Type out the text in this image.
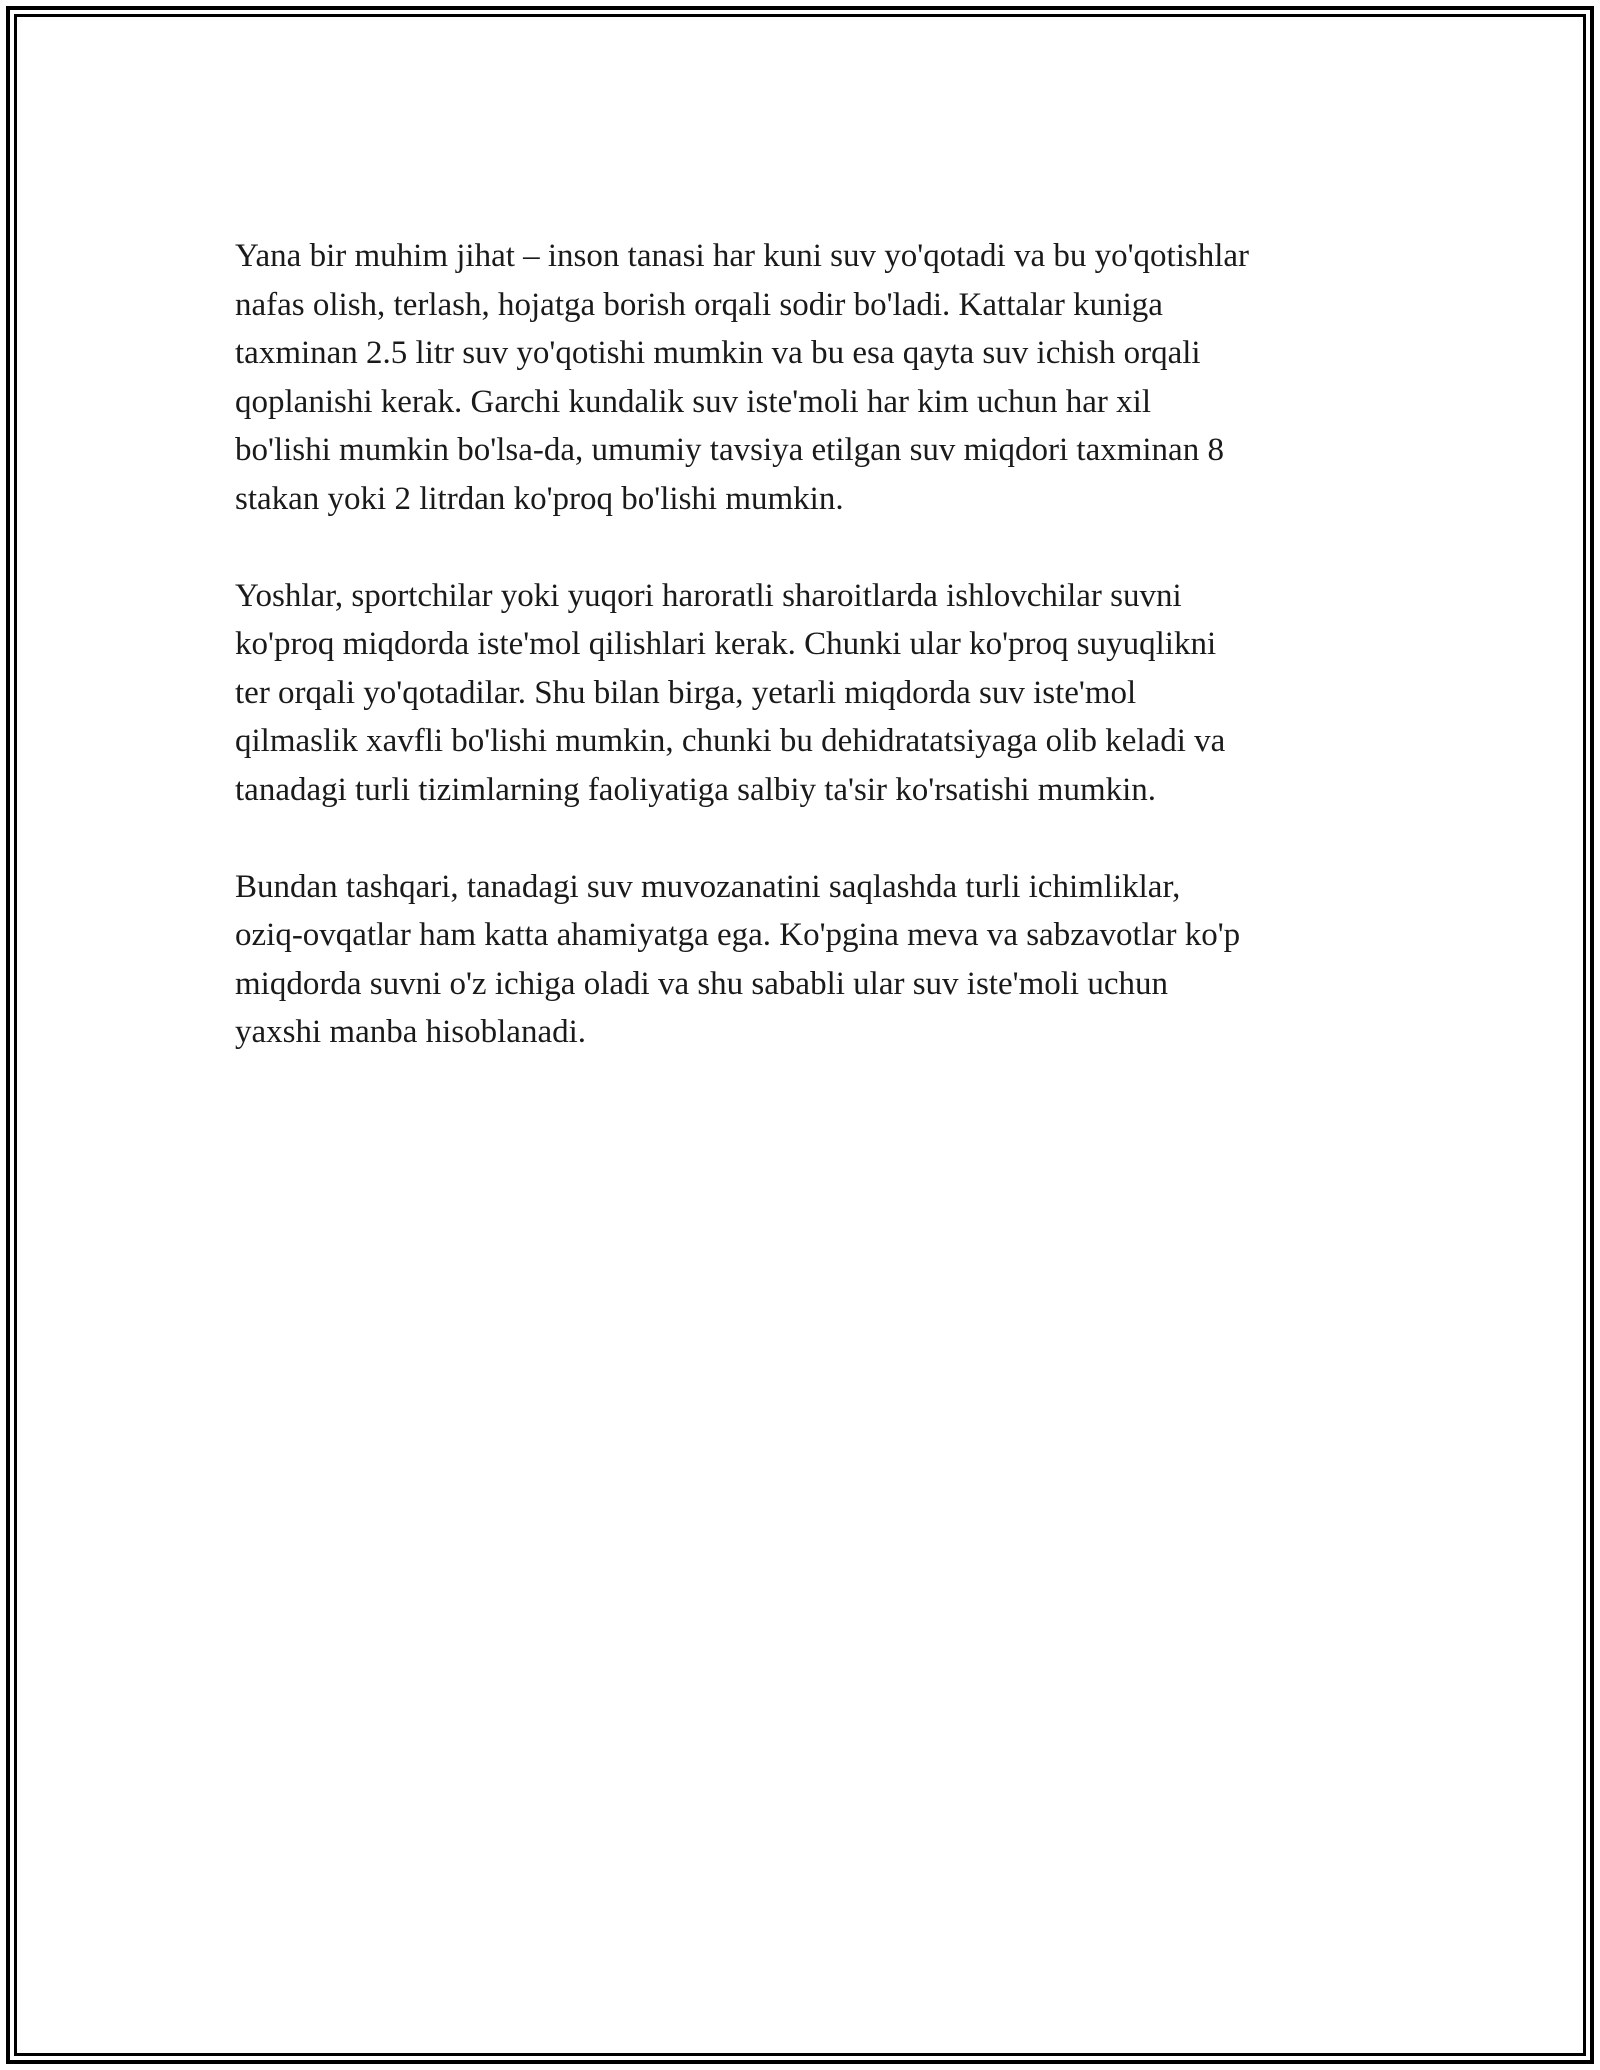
Yana bir muhim jihat – inson tanasi har kuni suv yo'qotadi va bu yo'qotishlar
nafas olish, terlash, hojatga borish orqali sodir bo'ladi. Kattalar kuniga
taxminan 2.5 litr suv yo'qotishi mumkin va bu esa qayta suv ichish orqali
qoplanishi kerak. Garchi kundalik suv iste'moli har kim uchun har xil
bo'lishi mumkin bo'lsa-da, umumiy tavsiya etilgan suv miqdori taxminan 8
stakan yoki 2 litrdan ko'proq bo'lishi mumkin.

Yoshlar, sportchilar yoki yuqori haroratli sharoitlarda ishlovchilar suvni
ko'proq miqdorda iste'mol qilishlari kerak. Chunki ular ko'proq suyuqlikni
ter orqali yo'qotadilar. Shu bilan birga, yetarli miqdorda suv iste'mol
qilmaslik xavfli bo'lishi mumkin, chunki bu dehidratatsiyaga olib keladi va
tanadagi turli tizimlarning faoliyatiga salbiy ta'sir ko'rsatishi mumkin.

Bundan tashqari, tanadagi suv muvozanatini saqlashda turli ichimliklar,
oziq-ovqatlar ham katta ahamiyatga ega. Ko'pgina meva va sabzavotlar ko'p
miqdorda suvni o'z ichiga oladi va shu sababli ular suv iste'moli uchun
yaxshi manba hisoblanadi.
